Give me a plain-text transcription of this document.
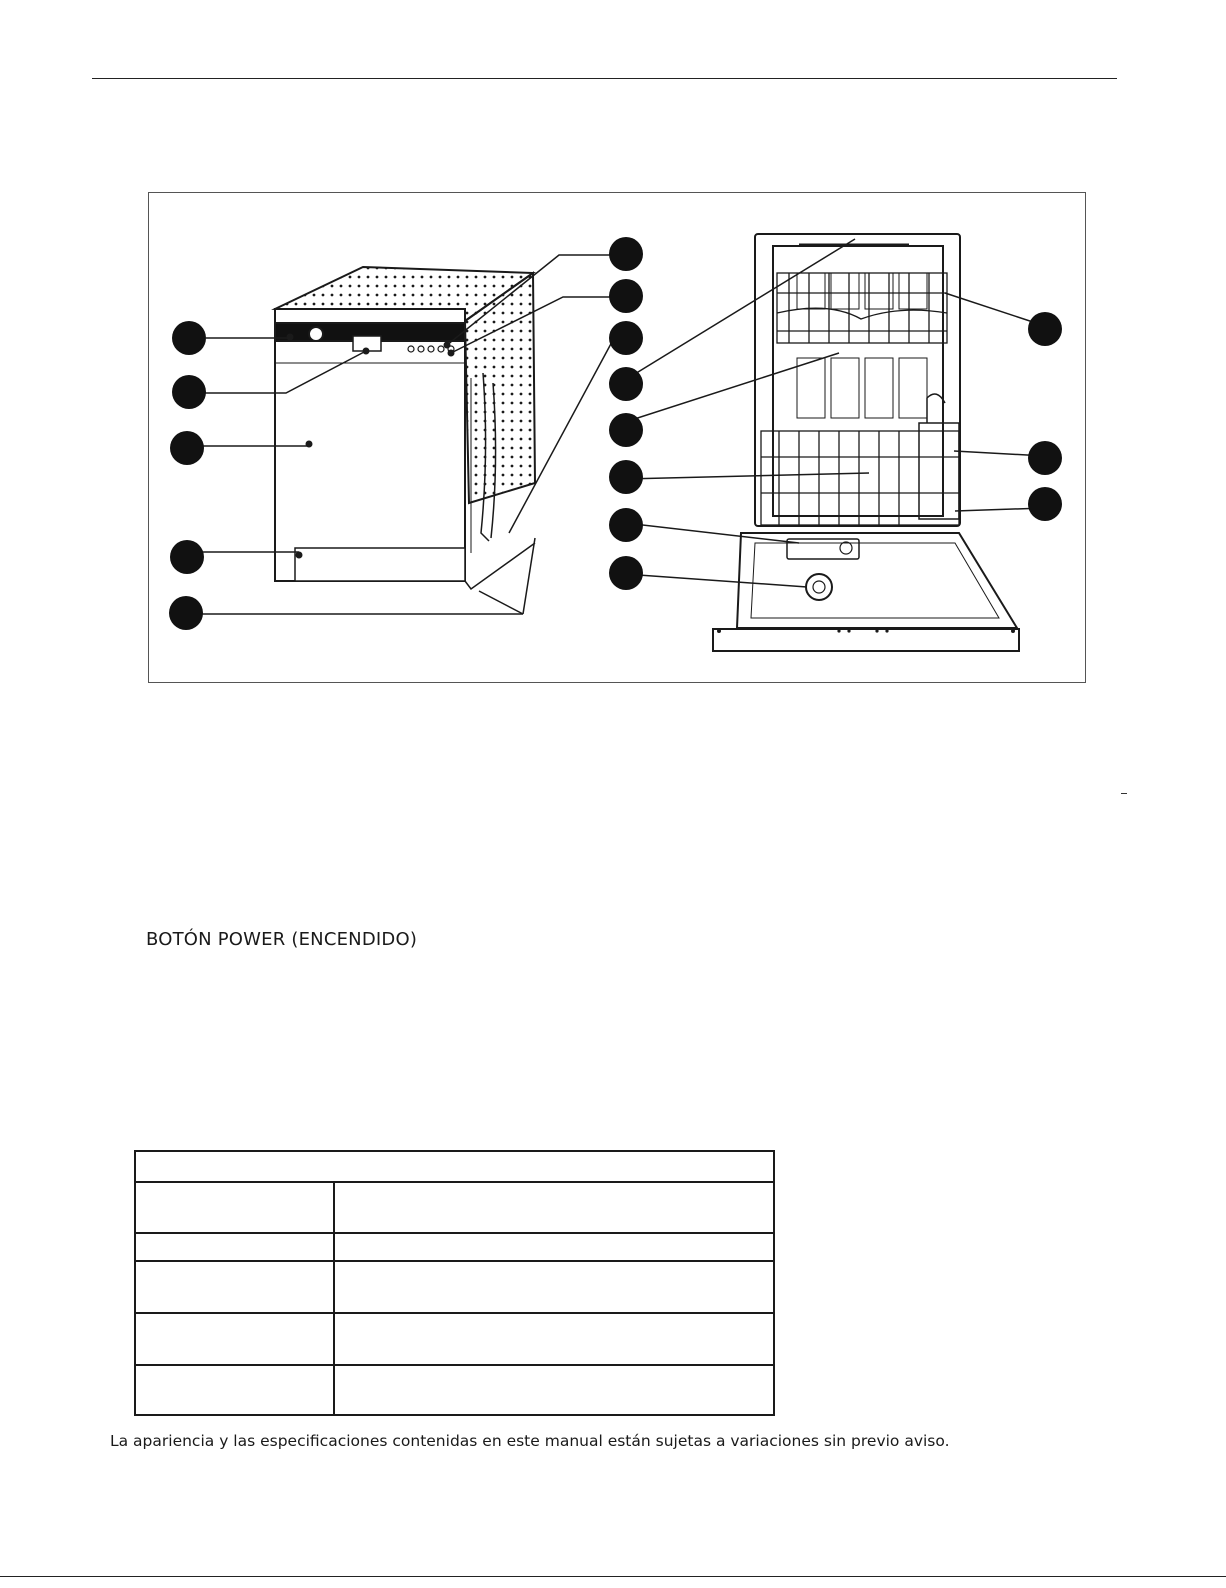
BOTÓN POWER (ENCENDIDO)

La apariencia y las especificaciones contenidas en este manual están sujetas a variaciones sin previo aviso.
